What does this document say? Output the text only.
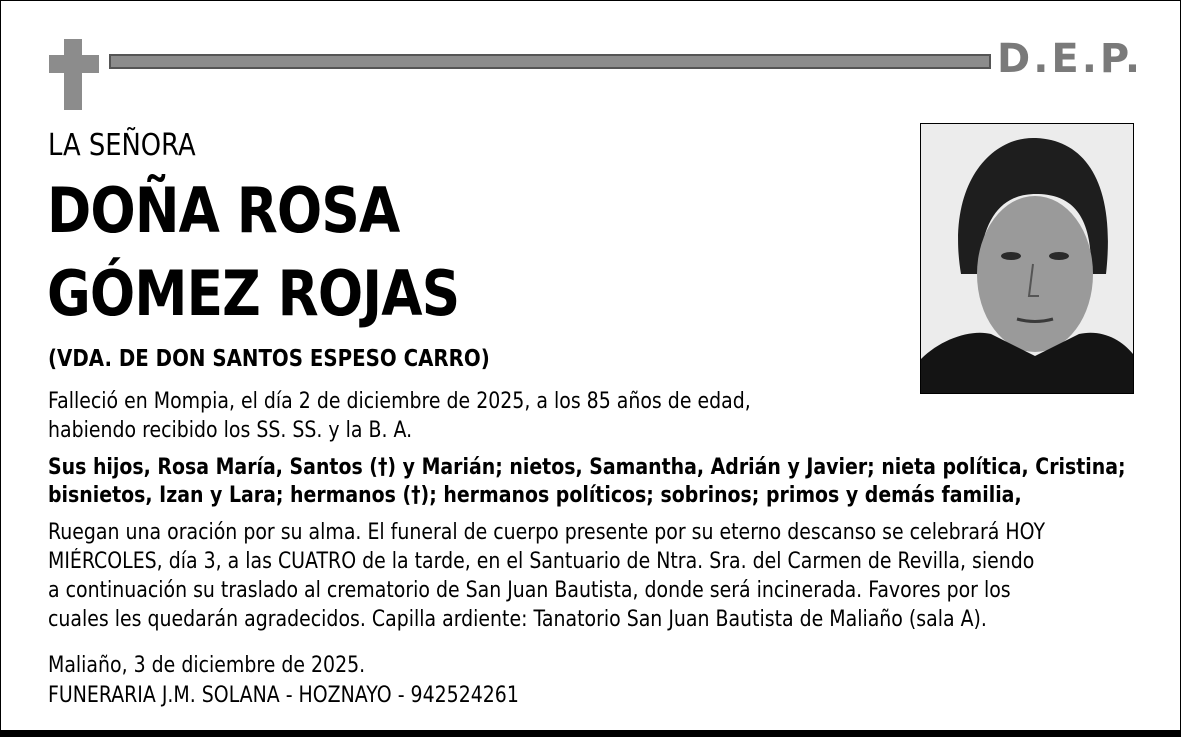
D.E.P.
LA SEÑORA
DOÑA ROSA
GÓMEZ ROJAS
(VDA. DE DON SANTOS ESPESO CARRO)
Falleció en Mompia, el día 2 de diciembre de 2025, a los 85 años de edad,
habiendo recibido los SS. SS. y la B. A.
Sus hijos, Rosa María, Santos (†) y Marián; nietos, Samantha, Adrián y Javier; nieta política, Cristina;
bisnietos, Izan y Lara; hermanos (†); hermanos políticos; sobrinos; primos y demás familia,
Ruegan una oración por su alma. El funeral de cuerpo presente por su eterno descanso se celebrará HOY
MIÉRCOLES, día 3, a las CUATRO de la tarde, en el Santuario de Ntra. Sra. del Carmen de Revilla, siendo
a continuación su traslado al crematorio de San Juan Bautista, donde será incinerada. Favores por los
cuales les quedarán agradecidos. Capilla ardiente: Tanatorio San Juan Bautista de Maliaño (sala A).
Maliaño, 3 de diciembre de 2025.
FUNERARIA J.M. SOLANA - HOZNAYO - 942524261
